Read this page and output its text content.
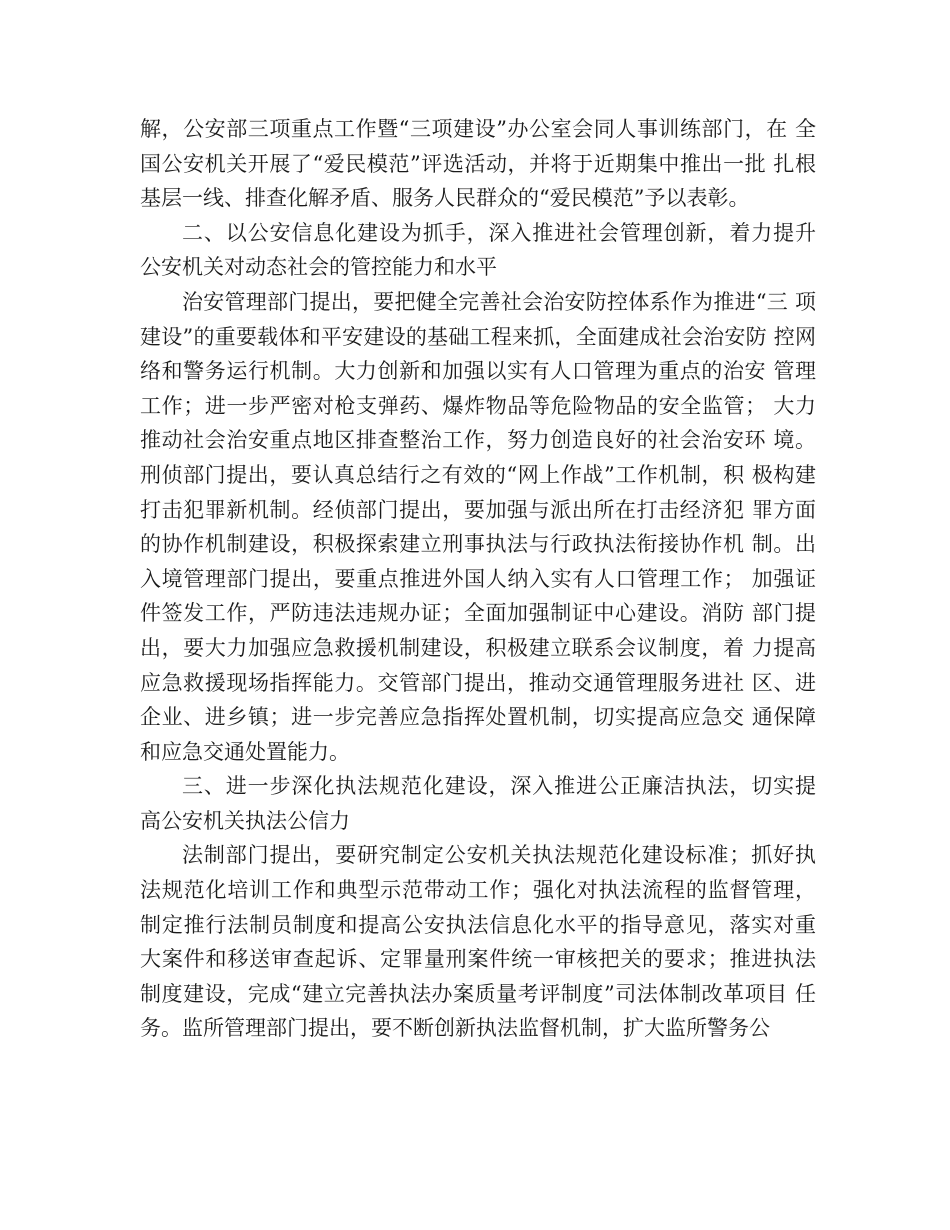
解，公安部三项重点工作暨“三项建设”办公室会同人事训练部门，在 全国公安机关开展了“爱民模范”评选活动，并将于近期集中推出一批 扎根基层一线、排查化解矛盾、服务人民群众的“爱民模范”予以表彰。

二、以公安信息化建设为抓手，深入推进社会管理创新，着力提升 公安机关对动态社会的管控能力和水平

治安管理部门提出，要把健全完善社会治安防控体系作为推进“三 项建设”的重要载体和平安建设的基础工程来抓，全面建成社会治安防 控网络和警务运行机制。大力创新和加强以实有人口管理为重点的治安 管理工作；进一步严密对枪支弹药、爆炸物品等危险物品的安全监管； 大力推动社会治安重点地区排查整治工作，努力创造良好的社会治安环 境。刑侦部门提出，要认真总结行之有效的“网上作战”工作机制，积 极构建打击犯罪新机制。经侦部门提出，要加强与派出所在打击经济犯 罪方面的协作机制建设，积极探索建立刑事执法与行政执法衔接协作机 制。出入境管理部门提出，要重点推进外国人纳入实有人口管理工作； 加强证件签发工作，严防违法违规办证；全面加强制证中心建设。消防 部门提出，要大力加强应急救援机制建设，积极建立联系会议制度，着 力提高应急救援现场指挥能力。交管部门提出，推动交通管理服务进社 区、进企业、进乡镇；进一步完善应急指挥处置机制，切实提高应急交 通保障和应急交通处置能力。

三、进一步深化执法规范化建设，深入推进公正廉洁执法，切实提 高公安机关执法公信力

法制部门提出，要研究制定公安机关执法规范化建设标准；抓好执 法规范化培训工作和典型示范带动工作；强化对执法流程的监督管理， 制定推行法制员制度和提高公安执法信息化水平的指导意见，落实对重 大案件和移送审查起诉、定罪量刑案件统一审核把关的要求；推进执法 制度建设，完成“建立完善执法办案质量考评制度”司法体制改革项目 任务。监所管理部门提出，要不断创新执法监督机制，扩大监所警务公
